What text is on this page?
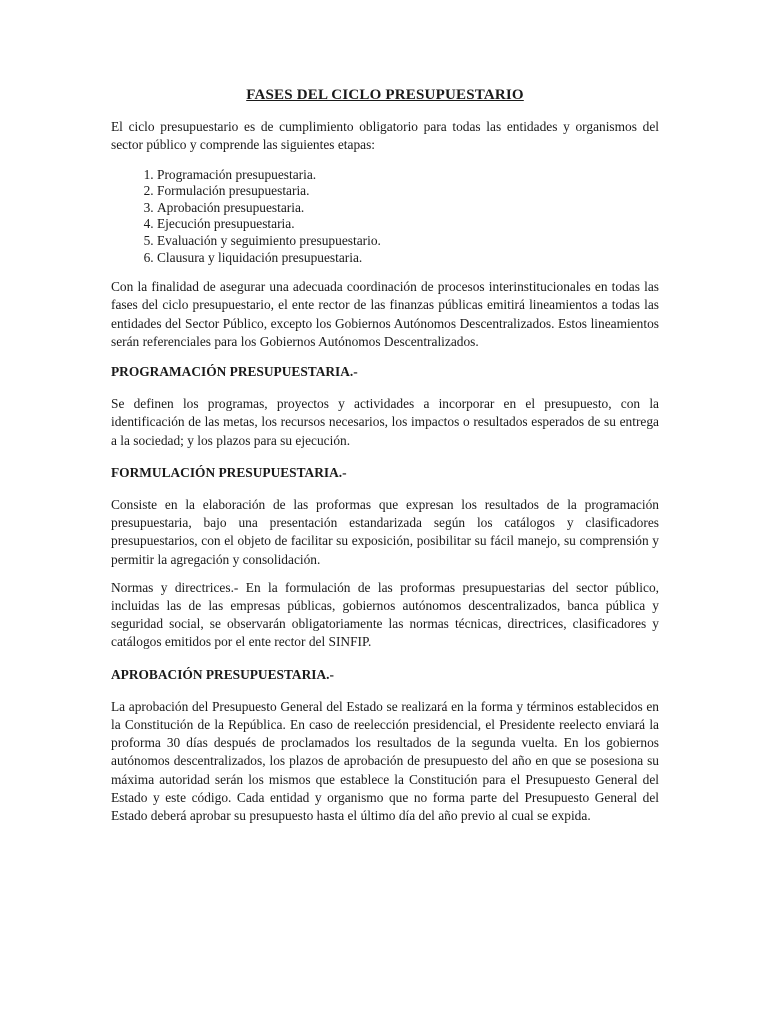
FASES DEL CICLO PRESUPUESTARIO

El ciclo presupuestario es de cumplimiento obligatorio para todas las entidades y organismos del sector público y comprende las siguientes etapas:

1. Programación presupuestaria.
2. Formulación presupuestaria.
3. Aprobación presupuestaria.
4. Ejecución presupuestaria.
5. Evaluación y seguimiento presupuestario.
6. Clausura y liquidación presupuestaria.

Con la finalidad de asegurar una adecuada coordinación de procesos interinstitucionales en todas las fases del ciclo presupuestario, el ente rector de las finanzas públicas emitirá lineamientos a todas las entidades del Sector Público, excepto los Gobiernos Autónomos Descentralizados. Estos lineamientos serán referenciales para los Gobiernos Autónomos Descentralizados.

PROGRAMACIÓN PRESUPUESTARIA.-

Se definen los programas, proyectos y actividades a incorporar en el presupuesto, con la identificación de las metas, los recursos necesarios, los impactos o resultados esperados de su entrega a la sociedad; y los plazos para su ejecución.

FORMULACIÓN PRESUPUESTARIA.-

Consiste en la elaboración de las proformas que expresan los resultados de la programación presupuestaria, bajo una presentación estandarizada según los catálogos y clasificadores presupuestarios, con el objeto de facilitar su exposición, posibilitar su fácil manejo, su comprensión y permitir la agregación y consolidación.

Normas y directrices.- En la formulación de las proformas presupuestarias del sector público, incluidas las de las empresas públicas, gobiernos autónomos descentralizados, banca pública y seguridad social, se observarán obligatoriamente las normas técnicas, directrices, clasificadores y catálogos emitidos por el ente rector del SINFIP.

APROBACIÓN PRESUPUESTARIA.-

La aprobación del Presupuesto General del Estado se realizará en la forma y términos establecidos en la Constitución de la República. En caso de reelección presidencial, el Presidente reelecto enviará la proforma 30 días después de proclamados los resultados de la segunda vuelta. En los gobiernos autónomos descentralizados, los plazos de aprobación de presupuesto del año en que se posesiona su máxima autoridad serán los mismos que establece la Constitución para el Presupuesto General del Estado y este código. Cada entidad y organismo que no forma parte del Presupuesto General del Estado deberá aprobar su presupuesto hasta el último día del año previo al cual se expida.
